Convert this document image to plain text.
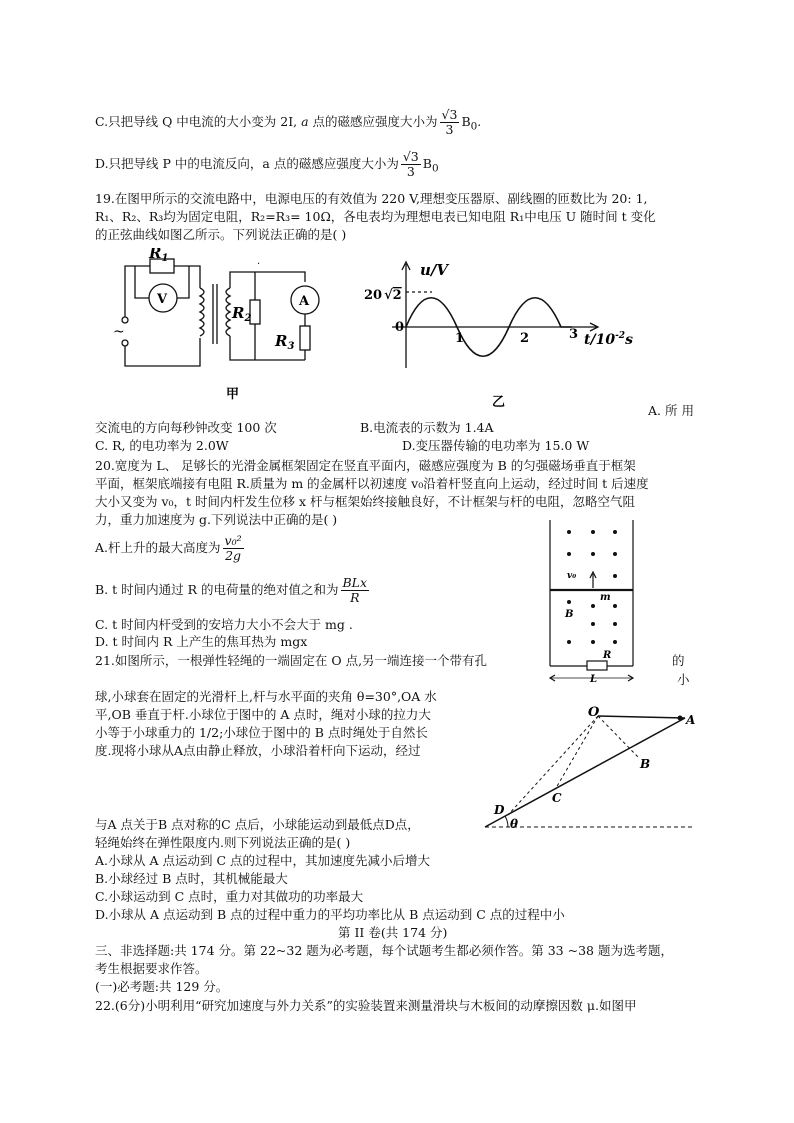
C.只把导线 Q 中电流的大小变为 2I, a 点的磁感应强度大小为 $\frac{√3}{3} B_0$.
D.只把导线 P 中的电流反向，a 点的磁感应强度大小为 $\frac{√3}{3} B_0$
19.在图甲所示的交流电路中，电源电压的有效值为 220 V,理想变压器原、副线圈的匝数比为 20: 1,
R₁、R₂、R₃均为固定电阻，R₂=R₃= 10Ω，各电表均为理想电表已知电阻 R₁中电压 U 随时间 t 变化
的正弦曲线如图乙所示。下列说法正确的是( )
~
$R_1$
V
$R_2$
A
$R_3$
甲
·	u/V
20 √2
0
1	2	3 $t/10^{-2}s$
乙
A. 所 用
交流电的方向每秒钟改变 100 次	B.电流表的示数为 1.4A
C. R, 的电功率为 2.0W	D.变压器传输的电功率为 15.0 W
20.宽度为 L、 足够长的光滑金属框架固定在竖直平面内，磁感应强度为 B 的匀强磁场垂直于框架
平面，框架底端接有电阻 R.质量为 m 的金属杆以初速度 v₀沿着杆竖直向上运动，经过时间 t 后速度
大小又变为 v₀，t 时间内杆发生位移 x 杆与框架始终接触良好，不计框架与杆的电阻，忽略空气阻
力，重力加速度为 g.下列说法中正确的是( )
A.杆上升的最大高度为 $\frac{\text{v₀²}}{2g}$
B. t 时间内通过 R 的电荷量的绝对值之和为 $\frac{\text{BLx}}{R}$
C. t 时间内杆受到的安培力大小不会大于 mg .
D. t 时间内 R 上产生的焦耳热为 mgx
v₀
m
B
R
L
21.如图所示，一根弹性轻绳的一端固定在 O 点,另一端连接一个带有孔	的
小
球,小球套在固定的光滑杆上,杆与水平面的夹角 θ=30°,OA 水
平,OB 垂直于杆.小球位于图中的 A 点时，绳对小球的拉力大
小等于小球重力的 1/2;小球位于图中的 B 点时绳处于自然长
度.现将小球从A点由静止释放，小球沿着杆向下运动，经过
与A 点关于B 点对称的C 点后，小球能运动到最低点D点，
轻绳始终在弹性限度内.则下列说法正确的是( )
O	A
B
C
D
θ
A.小球从 A 点运动到 C 点的过程中，其加速度先减小后增大
B.小球经过 B 点时，其机械能最大
C.小球运动到 C 点时，重力对其做功的功率最大
D.小球从 A 点运动到 B 点的过程中重力的平均功率比从 B 点运动到 C 点的过程中小
第 II 卷(共 174 分)
三、非选择题:共 174 分。第 22~32 题为必考题，每个试题考生都必须作答。第 33 ~38 题为选考题，
考生根据要求作答。
(一)必考题:共 129 分。
22.(6分)小明利用“研究加速度与外力关系”的实验装置来测量滑块与木板间的动摩擦因数 μ.如图甲
